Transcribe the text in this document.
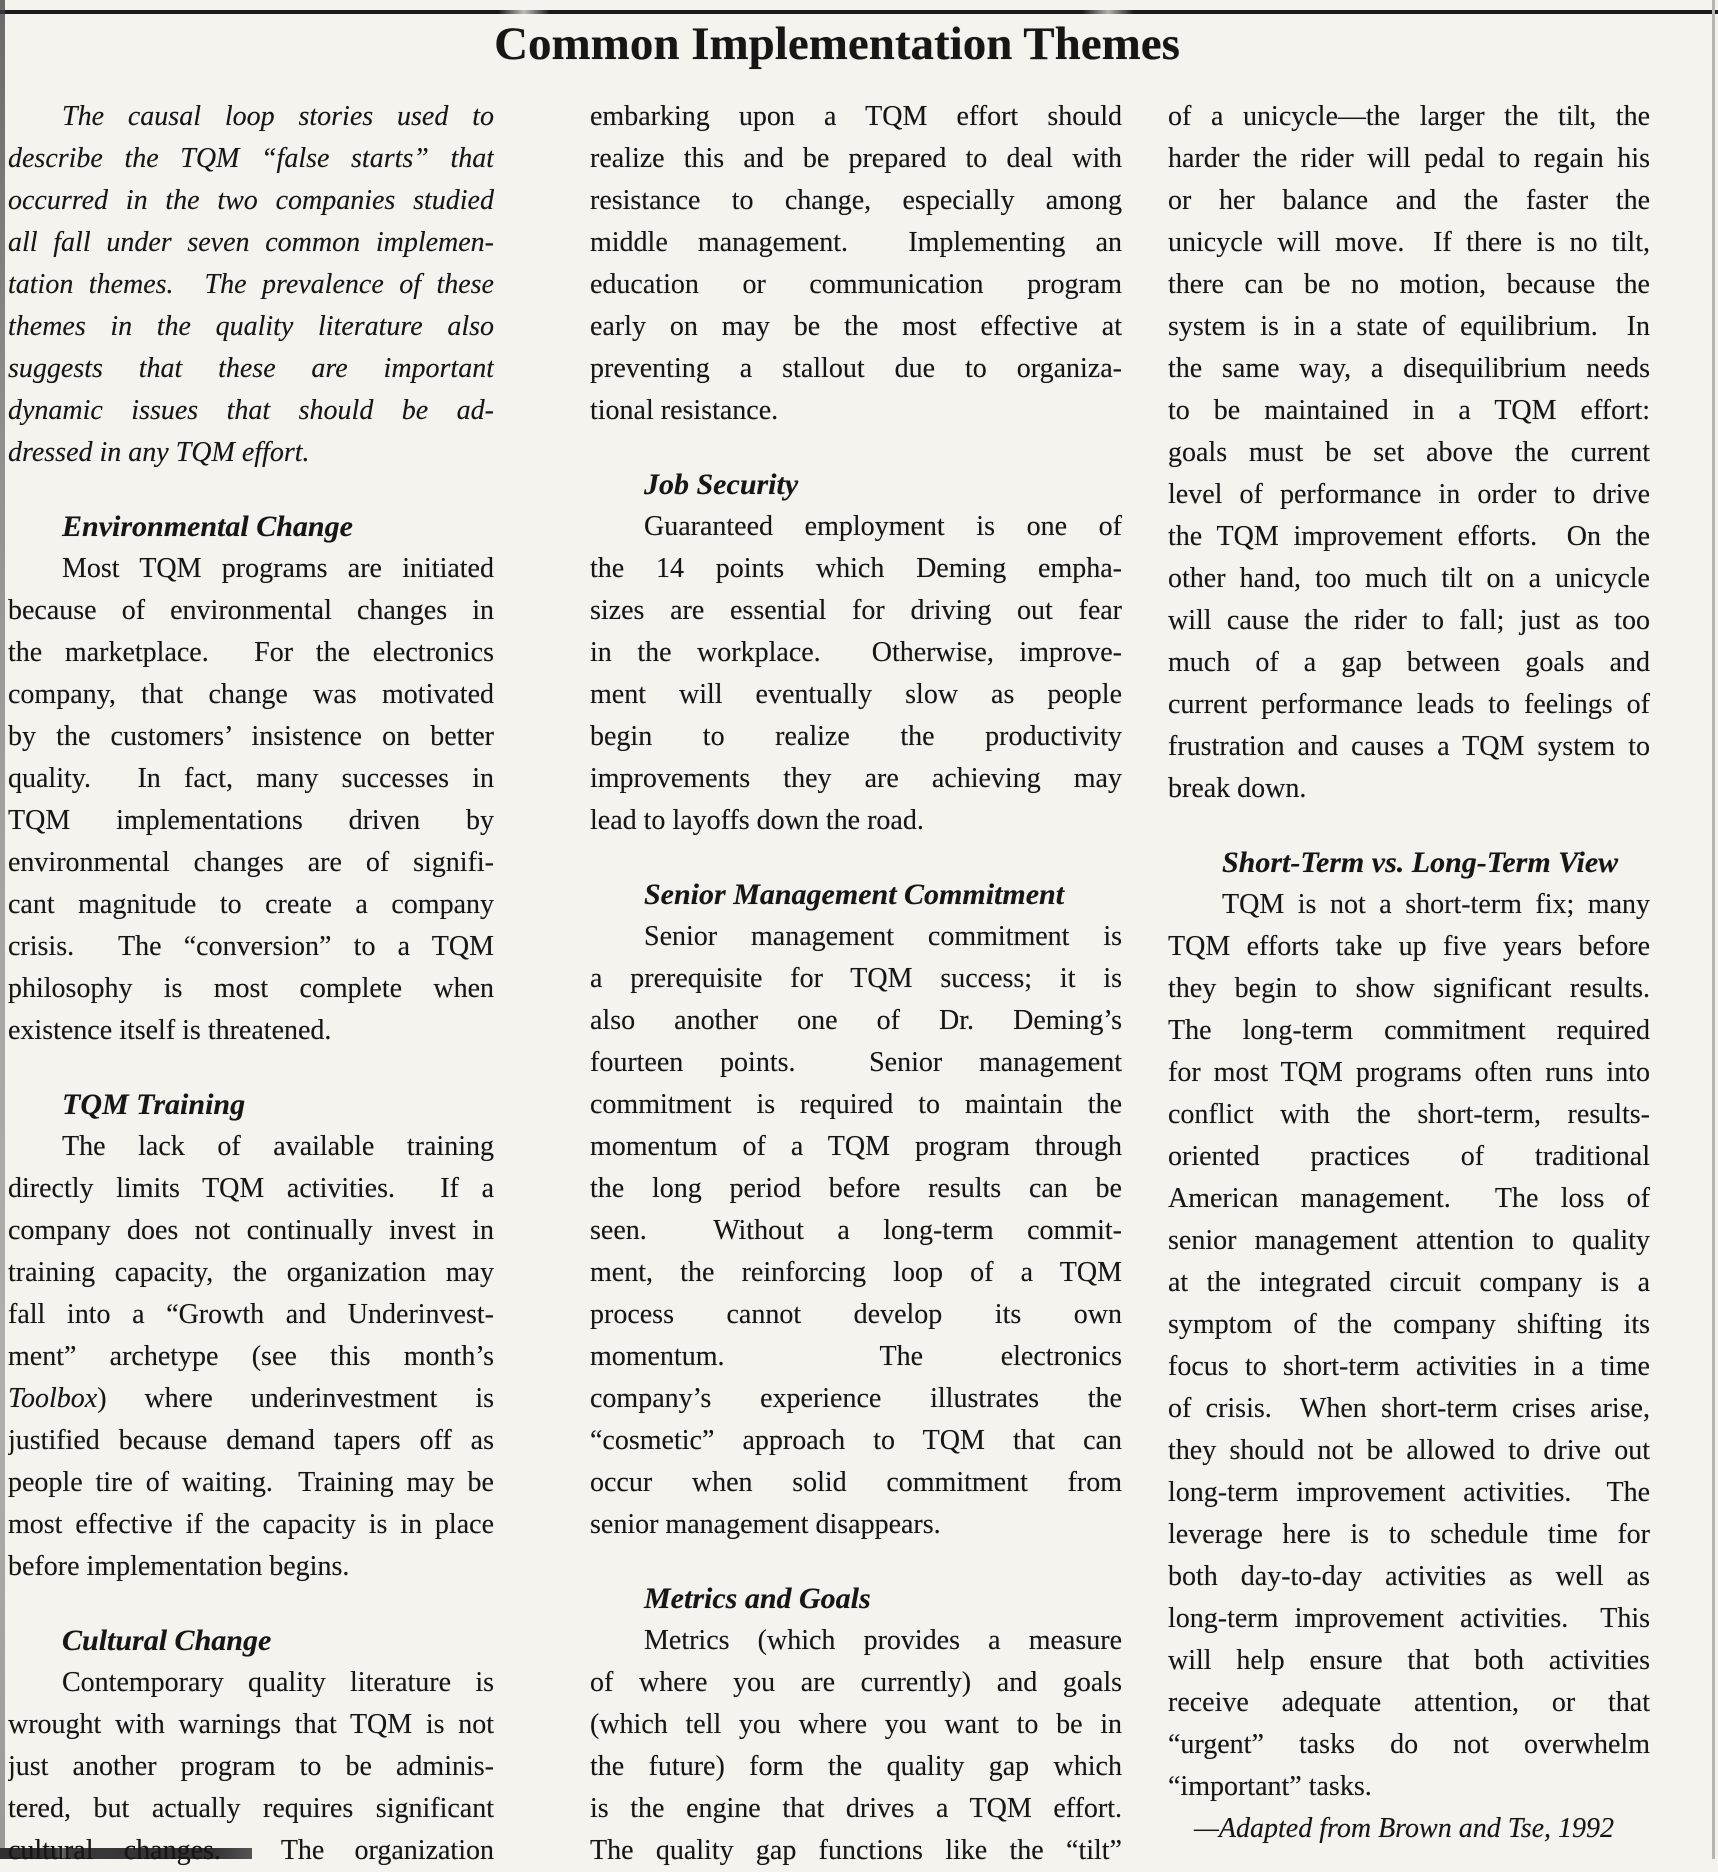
Common Implementation Themes
The causal loop stories used to
describe the TQM “false starts” that
occurred in the two companies studied
all fall under seven common implemen-
tation themes.  The prevalence of these
themes in the quality literature also
suggests that these are important
dynamic issues that should be ad-
dressed in any TQM effort.
Environmental Change
Most TQM programs are initiated
because of environmental changes in
the marketplace.  For the electronics
company, that change was motivated
by the customers’ insistence on better
quality.  In fact, many successes in
TQM implementations driven by
environmental changes are of signifi-
cant magnitude to create a company
crisis.  The “conversion” to a TQM
philosophy is most complete when
existence itself is threatened.
TQM Training
The lack of available training
directly limits TQM activities.  If a
company does not continually invest in
training capacity, the organization may
fall into a “Growth and Underinvest-
ment” archetype (see this month’s
Toolbox) where underinvestment is
justified because demand tapers off as
people tire of waiting.  Training may be
most effective if the capacity is in place
before implementation begins.
Cultural Change
Contemporary quality literature is
wrought with warnings that TQM is not
just another program to be adminis-
tered, but actually requires significant
cultural changes.  The organization
embarking upon a TQM effort should
realize this and be prepared to deal with
resistance to change, especially among
middle management.  Implementing an
education or communication program
early on may be the most effective at
preventing a stallout due to organiza-
tional resistance.
Job Security
Guaranteed employment is one of
the 14 points which Deming empha-
sizes are essential for driving out fear
in the workplace.  Otherwise, improve-
ment will eventually slow as people
begin to realize the productivity
improvements they are achieving may
lead to layoffs down the road.
Senior Management Commitment
Senior management commitment is
a prerequisite for TQM success; it is
also another one of Dr. Deming’s
fourteen points.  Senior management
commitment is required to maintain the
momentum of a TQM program through
the long period before results can be
seen.  Without a long-term commit-
ment, the reinforcing loop of a TQM
process cannot develop its own
momentum.  The electronics
company’s experience illustrates the
“cosmetic” approach to TQM that can
occur when solid commitment from
senior management disappears.
Metrics and Goals
Metrics (which provides a measure
of where you are currently) and goals
(which tell you where you want to be in
the future) form the quality gap which
is the engine that drives a TQM effort.
The quality gap functions like the “tilt”
of a unicycle—the larger the tilt, the
harder the rider will pedal to regain his
or her balance and the faster the
unicycle will move.  If there is no tilt,
there can be no motion, because the
system is in a state of equilibrium.  In
the same way, a disequilibrium needs
to be maintained in a TQM effort:
goals must be set above the current
level of performance in order to drive
the TQM improvement efforts.  On the
other hand, too much tilt on a unicycle
will cause the rider to fall; just as too
much of a gap between goals and
current performance leads to feelings of
frustration and causes a TQM system to
break down.
Short-Term vs. Long-Term View
TQM is not a short-term fix; many
TQM efforts take up five years before
they begin to show significant results.
The long-term commitment required
for most TQM programs often runs into
conflict with the short-term, results-
oriented practices of traditional
American management.  The loss of
senior management attention to quality
at the integrated circuit company is a
symptom of the company shifting its
focus to short-term activities in a time
of crisis.  When short-term crises arise,
they should not be allowed to drive out
long-term improvement activities.  The
leverage here is to schedule time for
both day-to-day activities as well as
long-term improvement activities.  This
will help ensure that both activities
receive adequate attention, or that
“urgent” tasks do not overwhelm
“important” tasks.
—Adapted from Brown and Tse, 1992
